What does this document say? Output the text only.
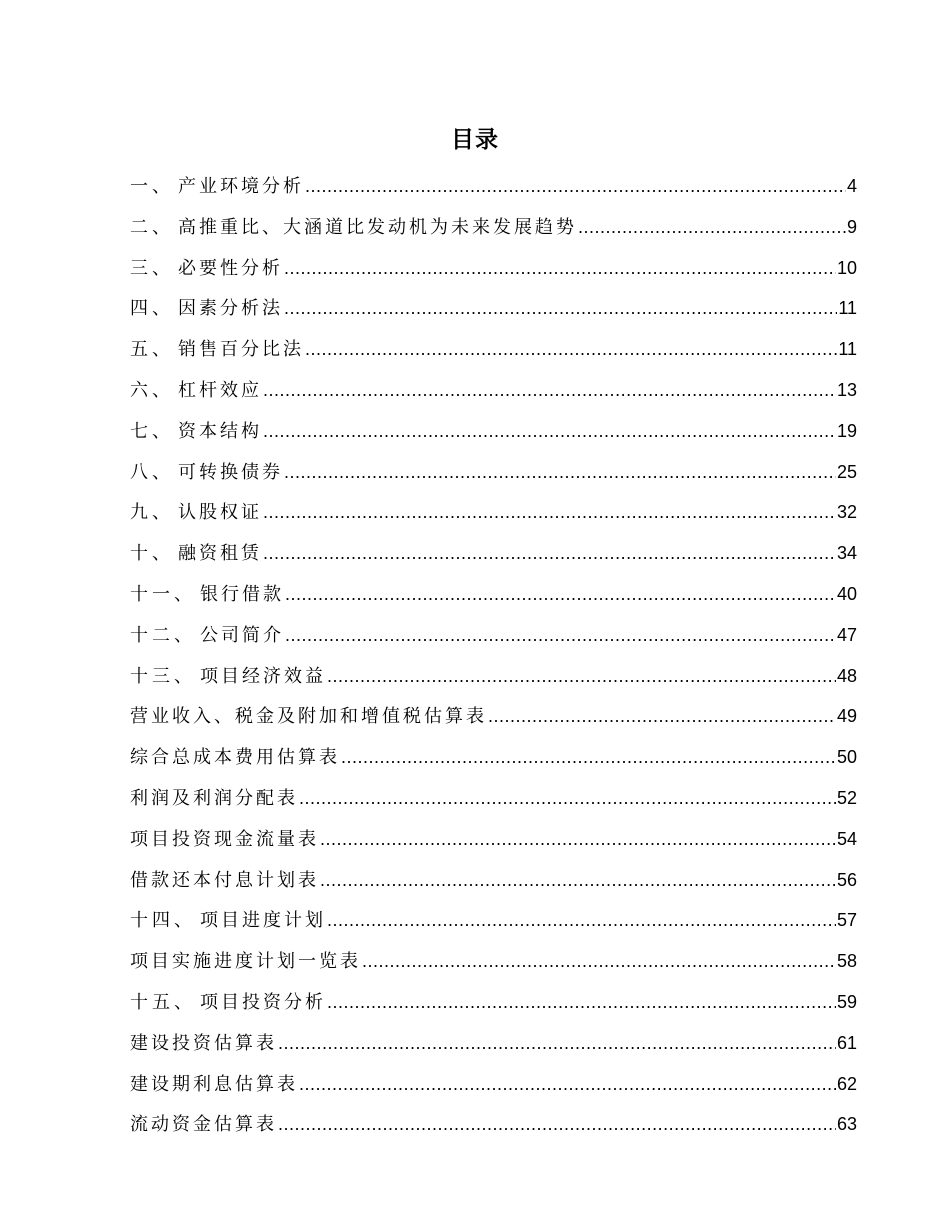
目录
一、 产业环境分析 .....	4
二、 高推重比、大涵道比发动机为未来发展趋势 .....	9
三、 必要性分析 .....	10
四、 因素分析法 .....	11
五、 销售百分比法 .....	11
六、 杠杆效应 .....	13
七、 资本结构 .....	19
八、 可转换债券 .....	25
九、 认股权证 .....	32
十、 融资租赁 .....	34
十一、 银行借款 .....	40
十二、 公司简介 .....	47
十三、 项目经济效益 .....	48
营业收入、税金及附加和增值税估算表 .....	49
综合总成本费用估算表 .....	50
利润及利润分配表 .....	52
项目投资现金流量表 .....	54
借款还本付息计划表 .....	56
十四、 项目进度计划 .....	57
项目实施进度计划一览表 .....	58
十五、 项目投资分析 .....	59
建设投资估算表 .....	61
建设期利息估算表 .....	62
流动资金估算表 .....	63
